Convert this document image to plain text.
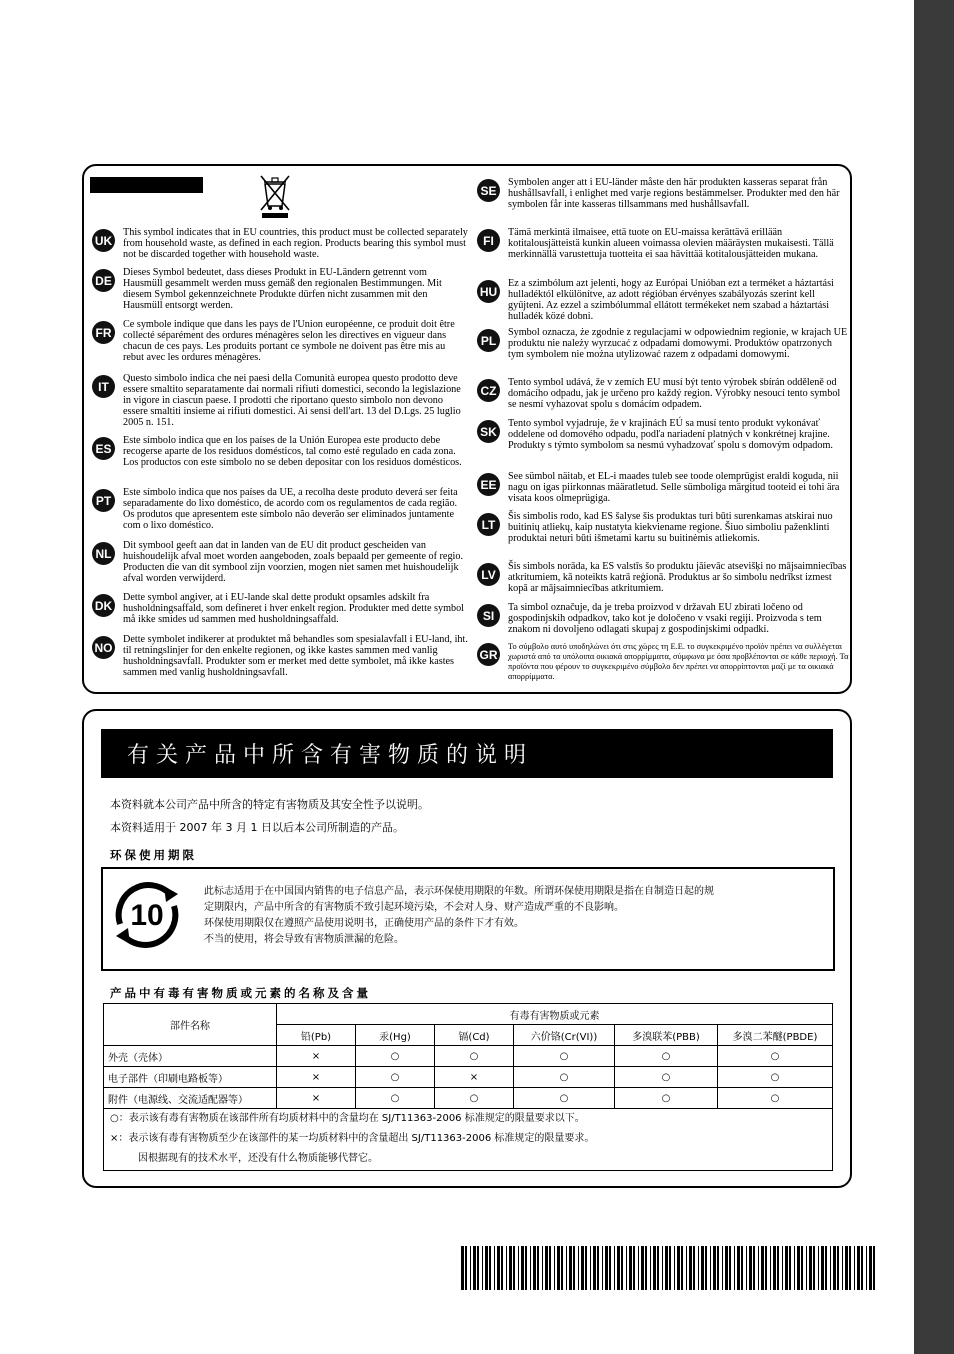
UK
This symbol indicates that in EU countries, this product must be collected separately from household waste, as defined in each region. Products bearing this symbol must not be discarded together with household waste.
DE
Dieses Symbol bedeutet, dass dieses Produkt in EU-Ländern getrennt vom Hausmüll gesammelt werden muss gemäß den regionalen Bestimmungen. Mit diesem Symbol gekennzeichnete Produkte dürfen nicht zusammen mit den Hausmüll entsorgt werden.
FR
Ce symbole indique que dans les pays de l'Union européenne, ce produit doit être collecté séparément des ordures ménagères selon les directives en vigueur dans chacun de ces pays. Les produits portant ce symbole ne doivent pas être mis au rebut avec les ordures ménagères.
IT
Questo simbolo indica che nei paesi della Comunità europea questo prodotto deve essere smaltito separatamente dai normali rifiuti domestici, secondo la legislazione in vigore in ciascun paese. I prodotti che riportano questo simbolo non devono essere smaltiti insieme ai rifiuti domestici. Ai sensi dell'art. 13 del D.Lgs. 25 luglio 2005 n. 151.
ES
Este símbolo indica que en los países de la Unión Europea este producto debe recogerse aparte de los residuos domésticos, tal como esté regulado en cada zona. Los productos con este símbolo no se deben depositar con los residuos domésticos.
PT
Este símbolo indica que nos países da UE, a recolha deste produto deverá ser feita separadamente do lixo doméstico, de acordo com os regulamentos de cada região. Os produtos que apresentem este símbolo não deverão ser eliminados juntamente com o lixo doméstico.
NL
Dit symbool geeft aan dat in landen van de EU dit product gescheiden van huishoudelijk afval moet worden aangeboden, zoals bepaald per gemeente of regio. Producten die van dit symbool zijn voorzien, mogen niet samen met huishoudelijk afval worden verwijderd.
DK
Dette symbol angiver, at i EU-lande skal dette produkt opsamles adskilt fra husholdningsaffald, som defineret i hver enkelt region. Produkter med dette symbol må ikke smides ud sammen med husholdningsaffald.
NO
Dette symbolet indikerer at produktet må behandles som spesialavfall i EU-land, iht. til retningslinjer for den enkelte regionen, og ikke kastes sammen med vanlig husholdningsavfall. Produkter som er merket med dette symbolet, må ikke kastes sammen med vanlig husholdningsavfall.
SE
Symbolen anger att i EU-länder måste den här produkten kasseras separat från hushållsavfall, i enlighet med varje regions bestämmelser. Produkter med den här symbolen får inte kasseras tillsammans med hushållsavfall.
FI
Tämä merkintä ilmaisee, että tuote on EU-maissa kerättävä erillään kotitalousjätteistä kunkin alueen voimassa olevien määräysten mukaisesti. Tällä merkinnällä varustettuja tuotteita ei saa hävittää kotitalousjätteiden mukana.
HU
Ez a szimbólum azt jelenti, hogy az Európai Unióban ezt a terméket a háztartási hulladéktól elkülönítve, az adott régióban érvényes szabályozás szerint kell gyűjteni. Az ezzel a szimbólummal ellátott termékeket nem szabad a háztartási hulladék közé dobni.
PL
Symbol oznacza, że zgodnie z regulacjami w odpowiednim regionie, w krajach UE produktu nie należy wyrzucać z odpadami domowymi. Produktów opatrzonych tym symbolem nie można utylizować razem z odpadami domowymi.
CZ
Tento symbol udává, že v zemích EU musí být tento výrobek sbírán odděleně od domácího odpadu, jak je určeno pro každý region. Výrobky nesoucí tento symbol se nesmí vyhazovat spolu s domácím odpadem.
SK
Tento symbol vyjadruje, že v krajinách EÚ sa musí tento produkt vykonávať oddelene od domového odpadu, podľa nariadení platných v konkrétnej krajine. Produkty s týmto symbolom sa nesmú vyhadzovať spolu s domovým odpadom.
EE
See sümbol näitab, et EL-i maades tuleb see toode olemprügist eraldi koguda, nii nagu on igas piirkonnas määratletud. Selle sümboliga märgitud tooteid ei tohi ära visata koos olmeprügiga.
LT
Šis simbolis rodo, kad ES šalyse šis produktas turi būti surenkamas atskirai nuo buitinių atliekų, kaip nustatyta kiekviename regione. Šiuo simboliu paženklinti produktai neturi būti išmetami kartu su buitinėmis atliekomis.
LV
Šis simbols norāda, ka ES valstīs šo produktu jāievāc atsevišķi no mājsaimniecības atkritumiem, kā noteikts katrā reģionā. Produktus ar šo simbolu nedrīkst izmest kopā ar mājsaimniecības atkritumiem.
SI
Ta simbol označuje, da je treba proizvod v državah EU zbirati ločeno od gospodinjskih odpadkov, tako kot je določeno v vsaki regiji. Proizvoda s tem znakom ni dovoljeno odlagati skupaj z gospodinjskimi odpadki.
GR
Το σύμβολο αυτό υποδηλώνει ότι στις χώρες τη Ε.Ε. το συγκεκριμένο προϊόν πρέπει να συλλέγεται χωριστά από τα υπόλοιπα οικιακά απορρίμματα, σύμφωνα με όσα προβλέπονται σε κάθε περιοχή. Τα προϊόντα που φέρουν το συγκεκριμένο σύμβολο δεν πρέπει να απορρίπτονται μαζί με τα οικιακά απορρίμματα.
有关产品中所含有害物质的说明
本资料就本公司产品中所含的特定有害物质及其安全性予以说明。
本资料适用于 2007 年 3 月 1 日以后本公司所制造的产品。
环保使用期限
10
此标志适用于在中国国内销售的电子信息产品，表示环保使用期限的年数。所谓环保使用期限是指在自制造日起的规
定期限内，产品中所含的有害物质不致引起环境污染，不会对人身、财产造成严重的不良影响。
环保使用期限仅在遵照产品使用说明书，正确使用产品的条件下才有效。
不当的使用，将会导致有害物质泄漏的危险。
产品中有毒有害物质或元素的名称及含量
部件名称	有毒有害物质或元素					
	铅(Pb)	汞(Hg)	镉(Cd)	六价铬(Cr(VI))	多溴联苯(PBB)	多溴二苯醚(PBDE)
外壳（壳体）	×	○	○	○	○	○
电子部件（印刷电路板等）	×	○	×	○	○	○
附件（电源线、交流适配器等）	×	○	○	○	○	○
○：表示该有毒有害物质在该部件所有均质材料中的含量均在 SJ/T11363-2006 标准规定的限量要求以下。
×：表示该有毒有害物质至少在该部件的某一均质材料中的含量超出 SJ/T11363-2006 标准规定的限量要求。
因根据现有的技术水平，还没有什么物质能够代替它。
